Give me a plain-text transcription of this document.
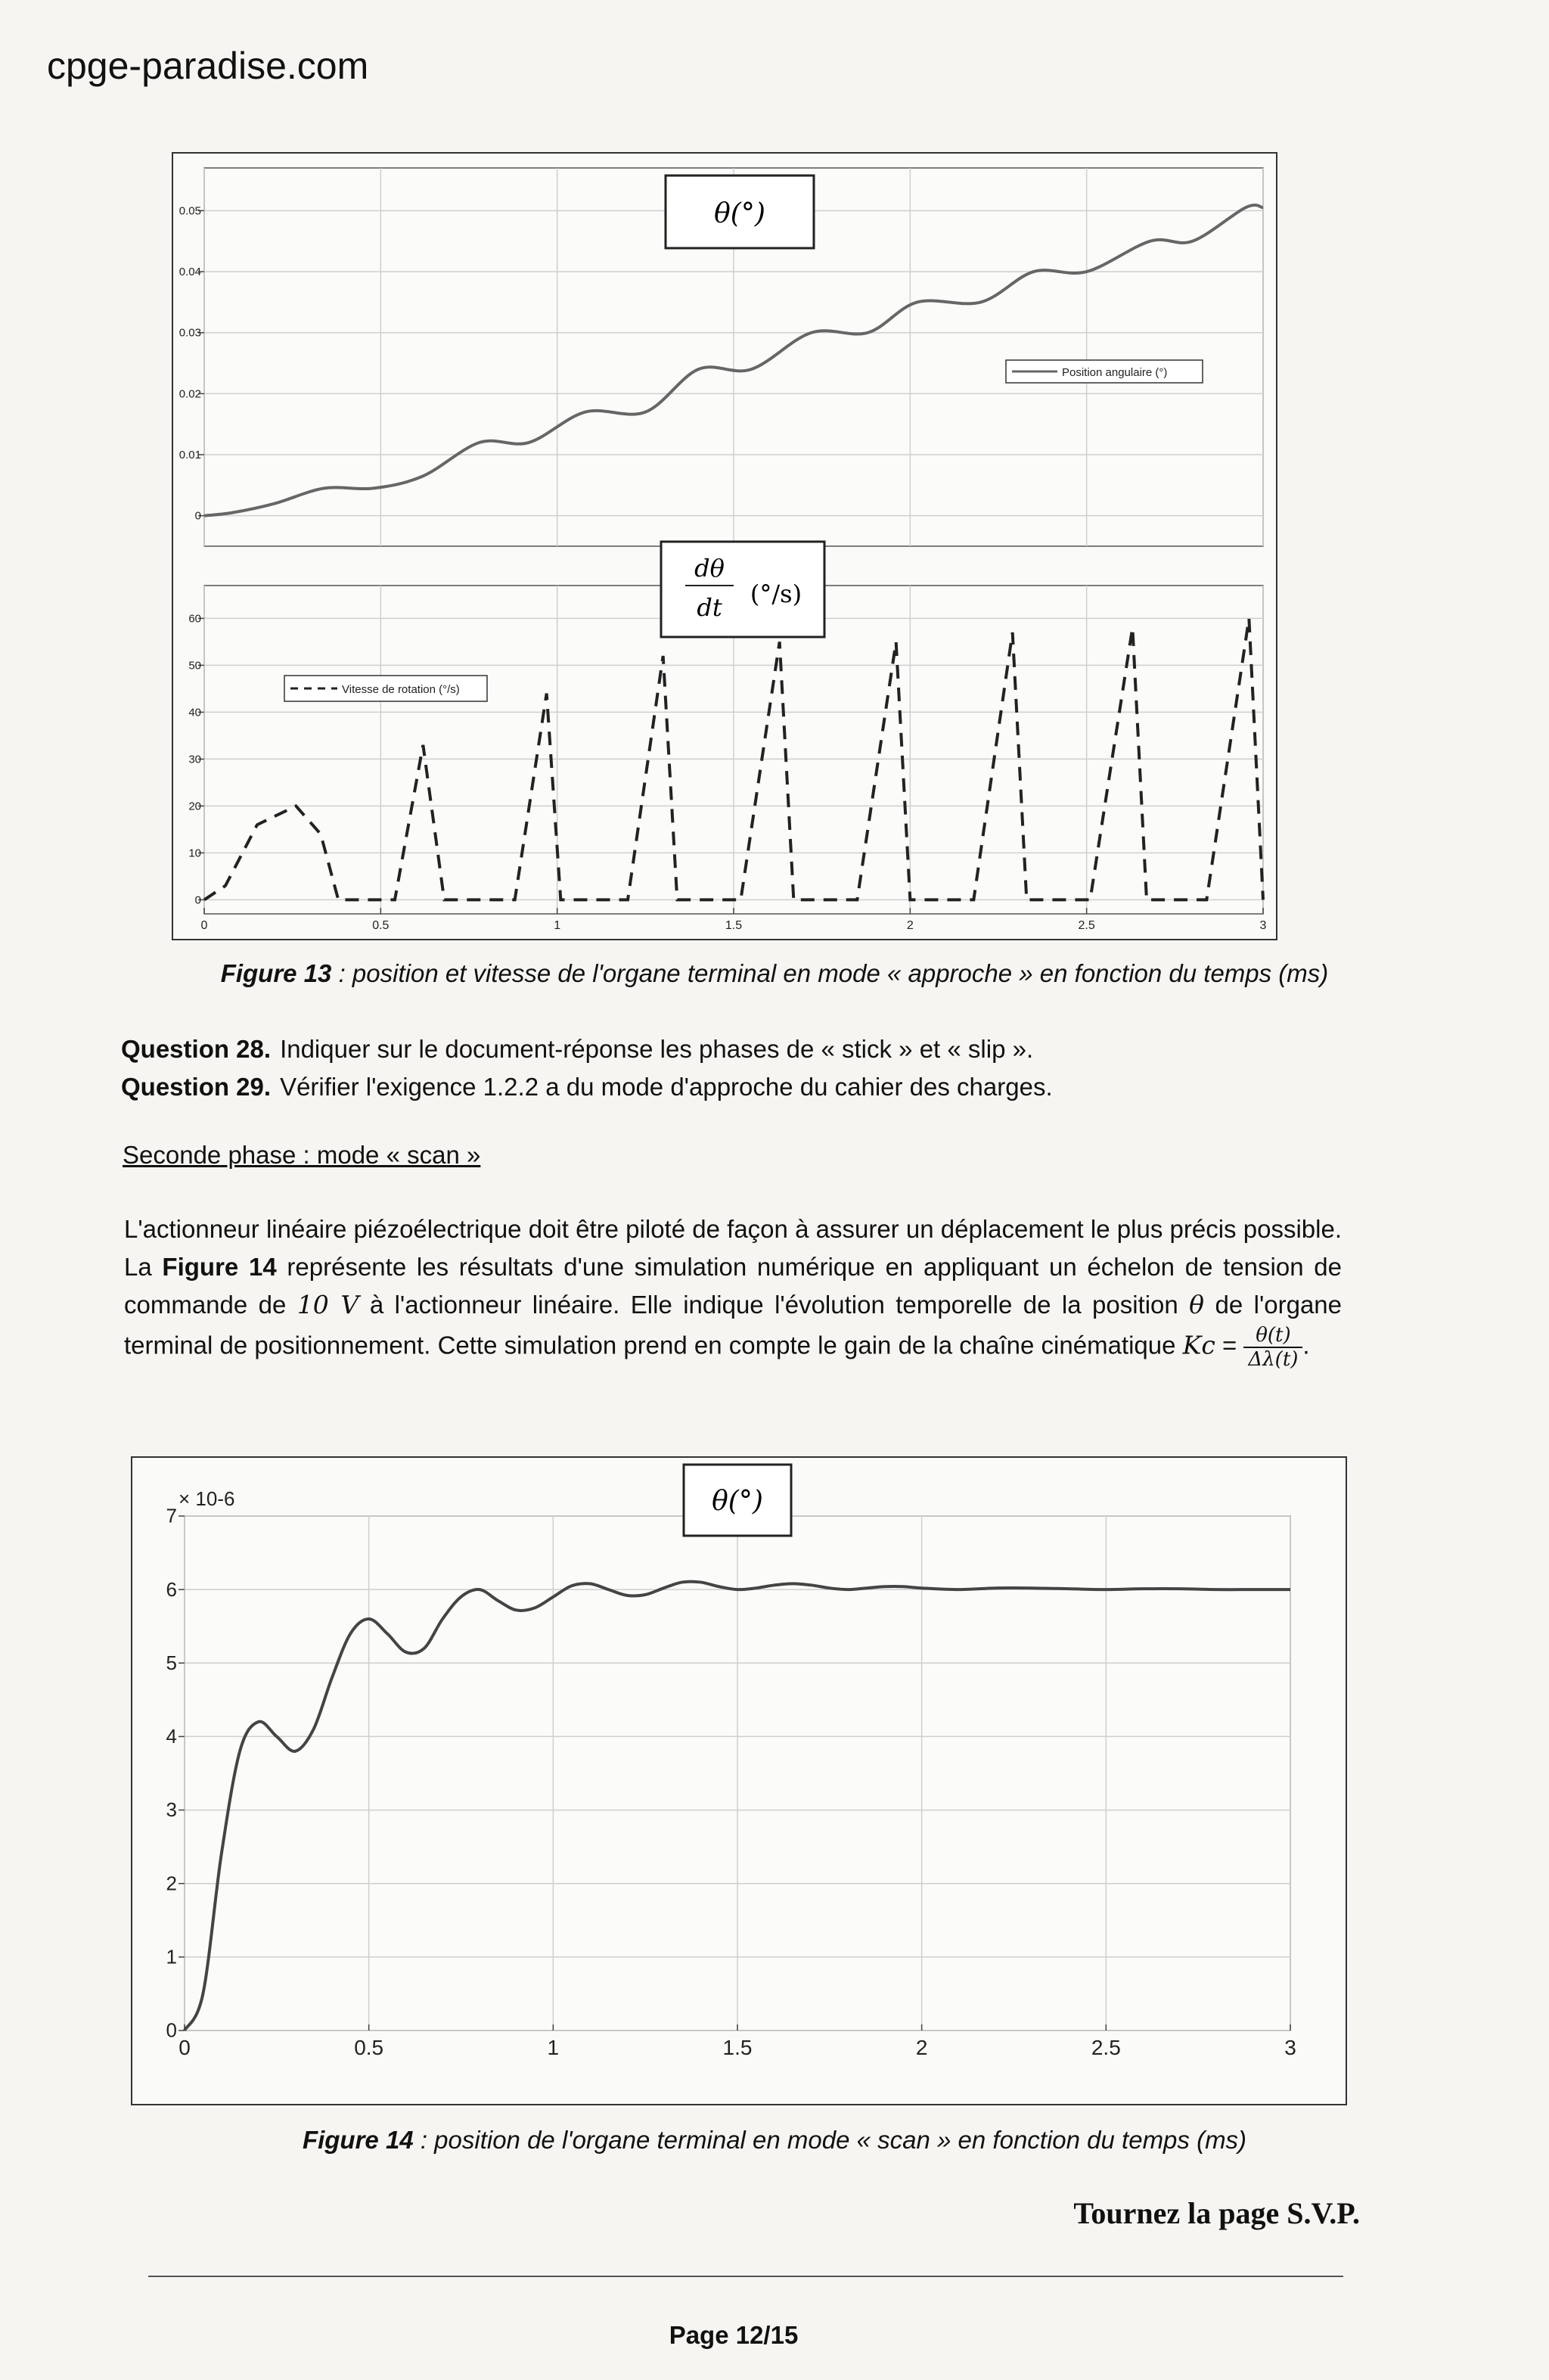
cpge-paradise.com
0
0.01
0.02
0.03
0.04
0.05
0
10
20
30
40
50
60
0	0.5	1	1.5	2	2.5	3
θ(°)
dθ
dt (°/s)
Position angulaire (°)
Vitesse de rotation (°/s)
Figure 13 : position et vitesse de l'organe terminal en mode « approche » en fonction du temps (ms)
Question 28. Indiquer sur le document-réponse les phases de « stick » et « slip ».
Question 29. Vérifier l'exigence 1.2.2 a du mode d'approche du cahier des charges.
Seconde phase : mode « scan »
L'actionneur linéaire piézoélectrique doit être piloté de façon à assurer un déplacement le plus précis possible. La Figure 14 représente les résultats d'une simulation numérique en appliquant un échelon de tension de commande de 10 V à l'actionneur linéaire. Elle indique l'évolution temporelle de la position θ de l'organe terminal de positionnement. Cette simulation prend en compte le gain de la chaîne cinématique $Kc = \frac{\theta(t)}{\Delta\lambda(t)}$ .
0
1
2
3
4
5
6
7
0	0.5	1	1.5	2	2.5	3
× 10-6	θ(°)
Figure 14 : position de l'organe terminal en mode « scan » en fonction du temps (ms)
Tournez la page S.V.P.
Page 12/15
